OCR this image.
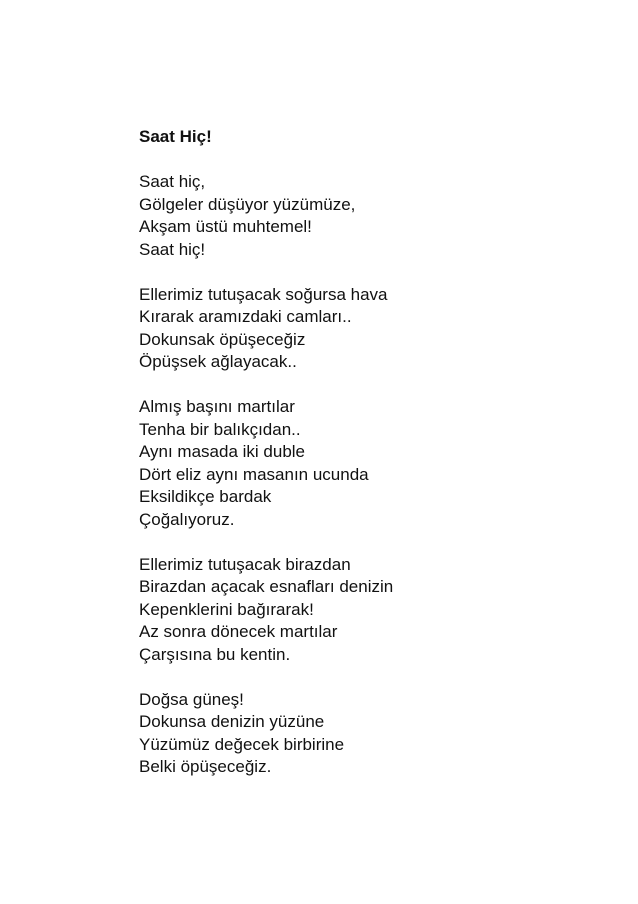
Saat Hiç!
Saat hiç,
Gölgeler düşüyor yüzümüze,
Akşam üstü muhtemel!
Saat hiç!
Ellerimiz tutuşacak soğursa hava
Kırarak aramızdaki camları..
Dokunsak öpüşeceğiz
Öpüşsek ağlayacak..
Almış başını martılar
Tenha bir balıkçıdan..
Aynı masada iki duble
Dört eliz aynı masanın ucunda
Eksildikçe bardak
Çoğalıyoruz.
Ellerimiz tutuşacak birazdan
Birazdan açacak esnafları denizin
Kepenklerini bağırarak!
Az sonra dönecek martılar
Çarşısına bu kentin.
Doğsa güneş!
Dokunsa denizin yüzüne
Yüzümüz değecek birbirine
Belki öpüşeceğiz.
